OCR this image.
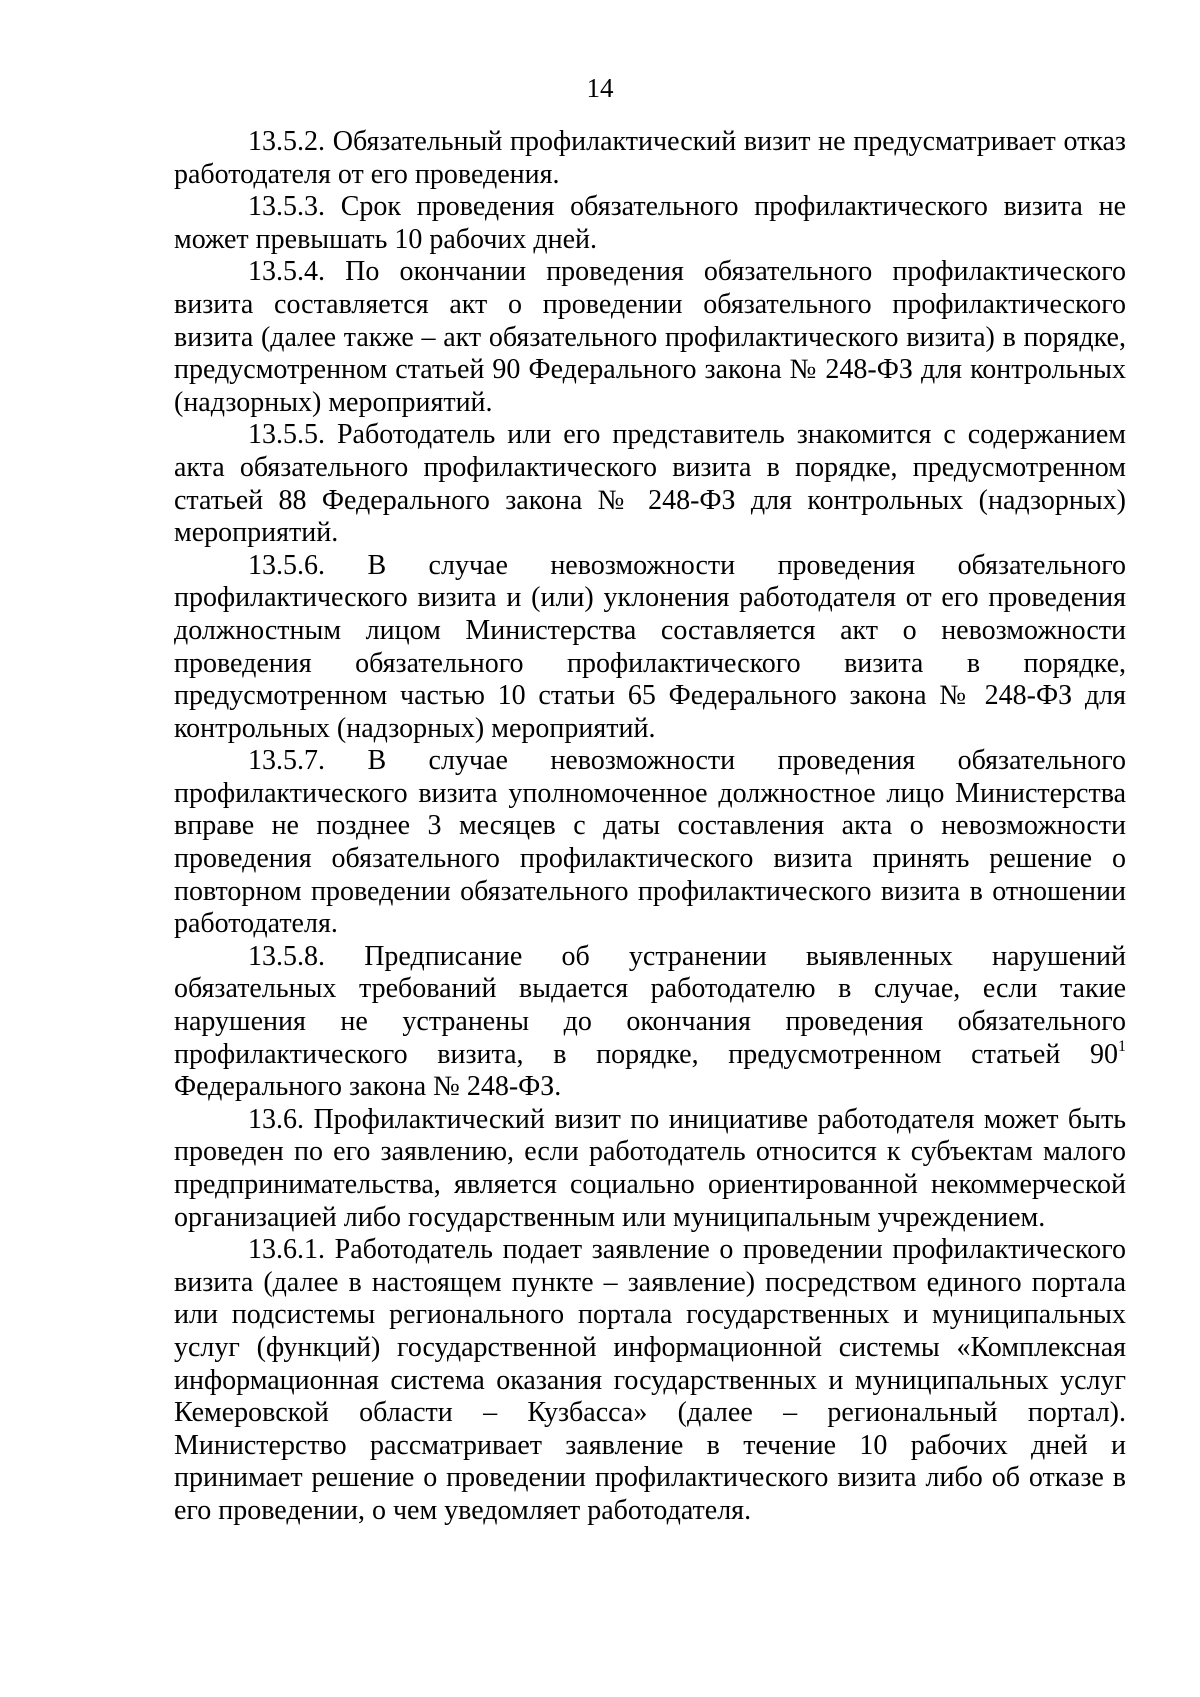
14

13.5.2. Обязательный профилактический визит не предусматривает отказ работодателя от его проведения.

13.5.3. Срок проведения обязательного профилактического визита не может превышать 10 рабочих дней.

13.5.4. По окончании проведения обязательного профилактического визита составляется акт о проведении обязательного профилактического визита (далее также – акт обязательного профилактического визита) в порядке, предусмотренном статьей 90 Федерального закона № 248-ФЗ для контрольных (надзорных) мероприятий.

13.5.5. Работодатель или его представитель знакомится с содержанием акта обязательного профилактического визита в порядке, предусмотренном статьей 88 Федерального закона № 248-ФЗ для контрольных (надзорных) мероприятий.

13.5.6. В случае невозможности проведения обязательного профилактического визита и (или) уклонения работодателя от его проведения должностным лицом Министерства составляется акт о невозможности проведения обязательного профилактического визита в порядке, предусмотренном частью 10 статьи 65 Федерального закона № 248-ФЗ для контрольных (надзорных) мероприятий.

13.5.7. В случае невозможности проведения обязательного профилактического визита уполномоченное должностное лицо Министерства вправе не позднее 3 месяцев с даты составления акта о невозможности проведения обязательного профилактического визита принять решение о повторном проведении обязательного профилактического визита в отношении работодателя.

13.5.8. Предписание об устранении выявленных нарушений обязательных требований выдается работодателю в случае, если такие нарушения не устранены до окончания проведения обязательного профилактического визита, в порядке, предусмотренном статьей $90^1$ Федерального закона № 248-ФЗ.

13.6. Профилактический визит по инициативе работодателя может быть проведен по его заявлению, если работодатель относится к субъектам малого предпринимательства, является социально ориентированной некоммерческой организацией либо государственным или муниципальным учреждением.

13.6.1. Работодатель подает заявление о проведении профилактического визита (далее в настоящем пункте – заявление) посредством единого портала или подсистемы регионального портала государственных и муниципальных услуг (функций) государственной информационной системы «Комплексная информационная система оказания государственных и муниципальных услуг Кемеровской области – Кузбасса» (далее – региональный портал). Министерство рассматривает заявление в течение 10 рабочих дней и принимает решение о проведении профилактического визита либо об отказе в его проведении, о чем уведомляет работодателя.
